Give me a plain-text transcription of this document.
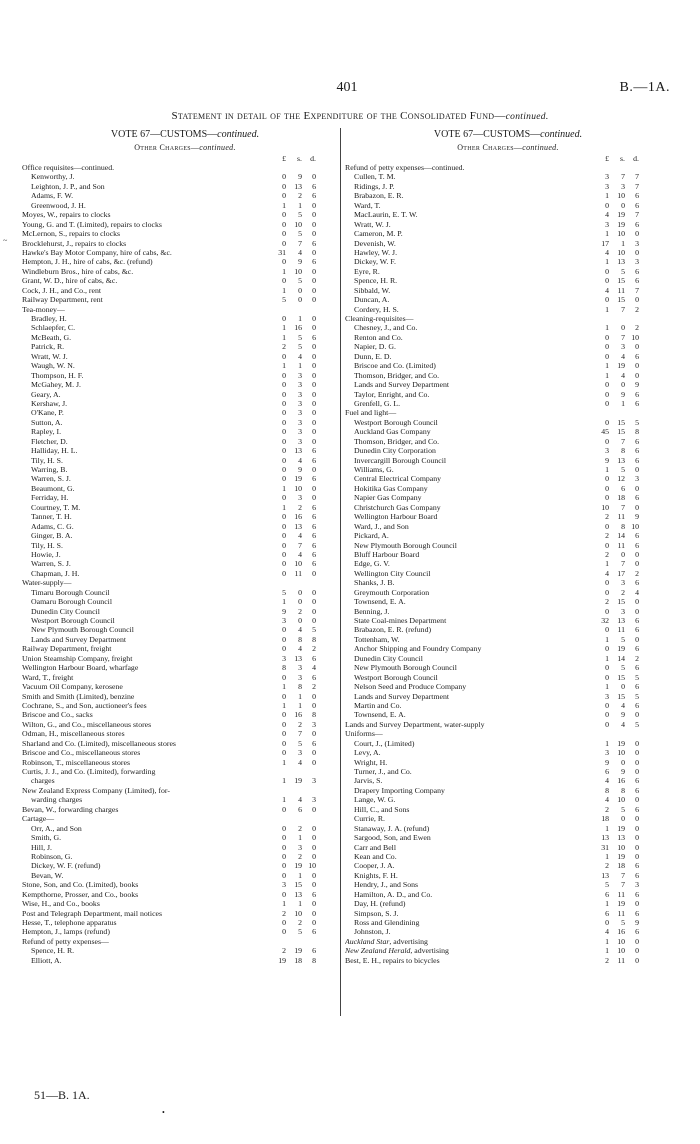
401	B.—1A.
Statement in detail of the Expenditure of the Consolidated Fund—continued.
~
VOTE 67—CUSTOMS—continued.
Other Charges—continued.
£	s.	d.
Office requisites—continued.
Kenworthy, J.	0	9	0
Leighton, J. P., and Son	0	13	6
Adams, F. W.	0	2	6
Greenwood, J. H.	1	1	0
Moyes, W., repairs to clocks	0	5	0
Young, G. and T. (Limited), repairs to clocks	0	10	0
McLernon, S., repairs to clocks	0	5	0
Brocklehurst, J., repairs to clocks	0	7	6
Hawke's Bay Motor Company, hire of cabs, &c.	31	4	0
Hempton, J. H., hire of cabs, &c. (refund)	0	9	6
Windleburn Bros., hire of cabs, &c.	1	10	0
Grant, W. D., hire of cabs, &c.	0	5	0
Cock, J. H., and Co., rent	1	0	0
Railway Department, rent	5	0	0
Tea-money—
Bradley, H.	0	1	0
Schlaepfer, C.	1	16	0
McBeath, G.	1	5	6
Patrick, R.	2	5	0
Wratt, W. J.	0	4	0
Waugh, W. N.	1	1	0
Thompson, H. F.	0	3	0
McGahey, M. J.	0	3	0
Geary, A.	0	3	0
Kershaw, J.	0	3	0
O'Kane, P.	0	3	0
Sutton, A.	0	3	0
Rapley, I.	0	3	0
Fletcher, D.	0	3	0
Halliday, H. L.	0	13	6
Tily, H. S.	0	4	6
Warring, B.	0	9	0
Warren, S. J.	0	19	6
Beaumont, G.	1	10	0
Ferriday, H.	0	3	0
Courtney, T. M.	1	2	6
Tanner, T. H.	0	16	6
Adams, C. G.	0	13	6
Ginger, B. A.	0	4	6
Tily, H. S.	0	7	6
Howie, J.	0	4	6
Warren, S. J.	0	10	6
Chapman, J. H.	0	11	0
Water-supply—
Timaru Borough Council	5	0	0
Oamaru Borough Council	1	0	0
Dunedin City Council	9	2	0
Westport Borough Council	3	0	0
New Plymouth Borough Council	0	4	5
Lands and Survey Department	0	8	8
Railway Department, freight	0	4	2
Union Steamship Company, freight	3	13	6
Wellington Harbour Board, wharfage	8	3	4
Ward, T., freight	0	3	6
Vacuum Oil Company, kerosene	1	8	2
Smith and Smith (Limited), benzine	0	1	0
Cochrane, S., and Son, auctioneer's fees	1	1	0
Briscoe and Co., sacks	0	16	8
Wilton, G., and Co., miscellaneous stores	0	2	3
Odman, H., miscellaneous stores	0	7	0
Sharland and Co. (Limited), miscellaneous stores	0	5	6
Briscoe and Co., miscellaneous stores	0	3	0
Robinson, T., miscellaneous stores	1	4	0
Curtis, J. J., and Co. (Limited), forwarding
charges	1	19	3
New Zealand Express Company (Limited), for-
warding charges	1	4	3
Bevan, W., forwarding charges	0	6	0
Cartage—
Orr, A., and Son	0	2	0
Smith, G.	0	1	0
Hill, J.	0	3	0
Robinson, G.	0	2	0
Dickey, W. F. (refund)	0	19 10
Bevan, W.	0	1	0
Stone, Son, and Co. (Limited), books	3	15	0
Kempthorne, Prosser, and Co., books	0	13	6
Wise, H., and Co., books	1	1	0
Post and Telegraph Department, mail notices	2	10	0
Hesse, T., telephone apparatus	0	2	0
Hempton, J., lamps (refund)	0	5	6
Refund of petty expenses—
Spence, H. R.	2	19	6
Elliott, A.	19	18	8
VOTE 67—CUSTOMS—continued.
Other Charges—continued.
£	s.	d.
Refund of petty expenses—continued.
Cullen, T. M.	3	7	7
Ridings, J. P.	3	3	7
Brabazon, E. R.	1	10	6
Ward, T.	0	0	6
MacLaurin, E. T. W.	4	19	7
Wratt, W. J.	3	19	6
Cameron, M. P.	1	10	0
Devenish, W.	17	1	3
Hawley, W. J.	4	10	0
Dickey, W. F.	1	13	3
Eyre, R.	0	5	6
Spence, H. R.	0	15	6
Sibbald, W.	4	11	7
Duncan, A.	0	15	0
Cordery, H. S.	1	7	2
Cleaning-requisites—
Chesney, J., and Co.	1	0	2
Renton and Co.	0	7 10
Napier, D. G.	0	3	0
Dunn, E. D.	0	4	6
Briscoe and Co. (Limited)	1	19	0
Thomson, Bridger, and Co.	1	4	0
Lands and Survey Department	0	0	9
Taylor, Enright, and Co.	0	9	6
Grenfell, G. L.	0	1	6
Fuel and light—
Westport Borough Council	0	15	5
Auckland Gas Company	45	15	8
Thomson, Bridger, and Co.	0	7	6
Dunedin City Corporation	3	8	6
Invercargill Borough Council	9	13	6
Williams, G.	1	5	0
Central Electrical Company	0	12	3
Hokitika Gas Company	0	6	0
Napier Gas Company	0	18	6
Christchurch Gas Company	10	7	0
Wellington Harbour Board	2	11	9
Ward, J., and Son	0	8 10
Pickard, A.	2	14	6
New Plymouth Borough Council	0	11	6
Bluff Harbour Board	2	0	0
Edge, G. V.	1	7	0
Wellington City Council	4	17	2
Shanks, J. B.	0	3	6
Greymouth Corporation	0	2	4
Townsend, E. A.	2	15	0
Benning, J.	0	3	0
State Coal-mines Department	32	13	6
Brabazon, E. R. (refund)	0	11	6
Tottenham, W.	1	5	0
Anchor Shipping and Foundry Company	0	19	6
Dunedin City Council	1	14	2
New Plymouth Borough Council	0	5	6
Westport Borough Council	0	15	5
Nelson Seed and Produce Company	1	0	6
Lands and Survey Department	3	15	5
Martin and Co.	0	4	6
Townsend, E. A.	0	9	0
Lands and Survey Department, water-supply	0	4	5
Uniforms—
Court, J., (Limited)	1	19	0
Levy, A.	3	10	0
Wright, H.	9	0	0
Turner, J., and Co.	6	9	0
Jarvis, S.	4	16	6
Drapery Importing Company	8	8	6
Lange, W. G.	4	10	0
Hill, C., and Sons	2	5	6
Currie, R.	18	0	0
Stanaway, J. A. (refund)	1	19	0
Sargood, Son, and Ewen	13	13	0
Carr and Bell	31	10	0
Kean and Co.	1	19	0
Cooper, J. A.	2	18	6
Knights, F. H.	13	7	6
Hendry, J., and Sons	5	7	3
Hamilton, A. D., and Co.	6	11	6
Day, H. (refund)	1	19	0
Simpson, S. J.	6	11	6
Ross and Glendining	0	5	9
Johnston, J.	4	16	6
Auckland Star, advertising	1	10	0
New Zealand Herald, advertising	1	10	0
Best, E. H., repairs to bicycles	2	11	0
51—B. 1A.
•
